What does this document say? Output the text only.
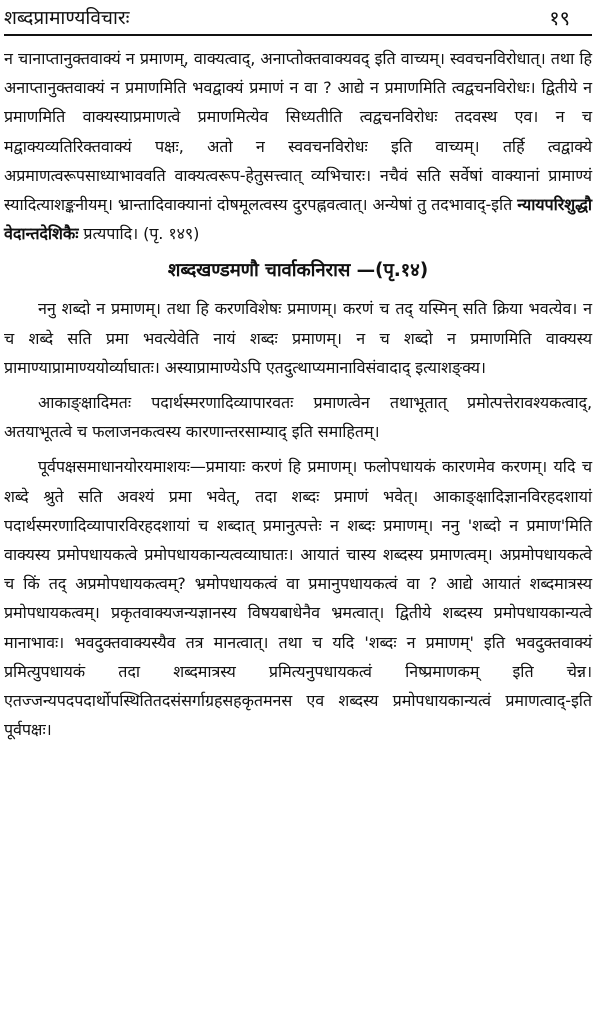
शब्दप्रामाण्यविचारः	१९

न चानाप्तानुक्तवाक्यं न प्रमाणम्, वाक्यत्वाद्, अनाप्तोक्तवाक्यवद् इति वाच्यम्। स्ववचनविरोधात्। तथा हि अनाप्तानुक्तवाक्यं न प्रमाणमिति भवद्वाक्यं प्रमाणं न वा ? आद्ये न प्रमाणमिति त्वद्वचनविरोधः। द्वितीये न प्रमाणमिति वाक्यस्याप्रमाणत्वे प्रमाणमित्येव सिध्यतीति त्वद्वचनविरोधः तदवस्थ एव। न च मद्वाक्यव्यतिरिक्तवाक्यं पक्षः, अतो न स्ववचनविरोधः इति वाच्यम्। तर्हि त्वद्वाक्ये अप्रमाणत्वरूपसाध्याभाववति वाक्यत्वरूप-हेतुसत्त्वात् व्यभिचारः। नचैवं सति सर्वेषां वाक्यानां प्रामाण्यं स्यादित्याशङ्कनीयम्। भ्रान्तादिवाक्यानां दोषमूलत्वस्य दुरपह्नवत्वात्। अन्येषां तु तदभावाद्-इति न्यायपरिशुद्धौ वेदान्तदेशिकैः प्रत्यपादि। (पृ. १४९)

शब्दखण्डमणौ चार्वाकनिरास —(पृ.१४)

ननु शब्दो न प्रमाणम्। तथा हि करणविशेषः प्रमाणम्। करणं च तद् यस्मिन् सति क्रिया भवत्येव। न च शब्दे सति प्रमा भवत्येवेति नायं शब्दः प्रमाणम्। न च शब्दो न प्रमाणमिति वाक्यस्य प्रामाण्याप्रामाण्ययोर्व्याघातः। अस्याप्रामाण्येऽपि एतदुत्थाप्यमानाविसंवादाद् इत्याशङ्क्य।

आकाङ्क्षादिमतः पदार्थस्मरणादिव्यापारवतः प्रमाणत्वेन तथाभूतात् प्रमोत्पत्तेरावश्यकत्वाद्, अतयाभूतत्वे च फलाजनकत्वस्य कारणान्तरसाम्याद् इति समाहितम्।

पूर्वपक्षसमाधानयोरयमाशयः—प्रमायाः करणं हि प्रमाणम्। फलोपधायकं कारणमेव करणम्। यदि च शब्दे श्रुते सति अवश्यं प्रमा भवेत्, तदा शब्दः प्रमाणं भवेत्। आकाङ्क्षादिज्ञानविरहदशायां पदार्थस्मरणादिव्यापारविरहदशायां च शब्दात् प्रमानुत्पत्तेः न शब्दः प्रमाणम्। ननु 'शब्दो न प्रमाण'मिति वाक्यस्य प्रमोपधायकत्वे प्रमोपधायकान्यत्वव्याघातः। आयातं चास्य शब्दस्य प्रमाणत्वम्। अप्रमोपधायकत्वे च किं तद् अप्रमोपधायकत्वम्? भ्रमोपधायकत्वं वा प्रमानुपधायकत्वं वा ? आद्ये आयातं शब्दमात्रस्य प्रमोपधायकत्वम्। प्रकृतवाक्यजन्यज्ञानस्य विषयबाधेनैव भ्रमत्वात्। द्वितीये शब्दस्य प्रमोपधायकान्यत्वे मानाभावः। भवदुक्तवाक्यस्यैव तत्र मानत्वात्। तथा च यदि 'शब्दः न प्रमाणम्' इति भवदुक्तवाक्यं प्रमित्युपधायकं तदा शब्दमात्रस्य प्रमित्यनुपधायकत्वं निष्प्रमाणकम् इति चेन्न। एतज्जन्यपदपदार्थोपस्थितितदसंसर्गाग्रहसहकृतमनस एव शब्दस्य प्रमोपधायकान्यत्वं प्रमाणत्वाद्-इति पूर्वपक्षः।
